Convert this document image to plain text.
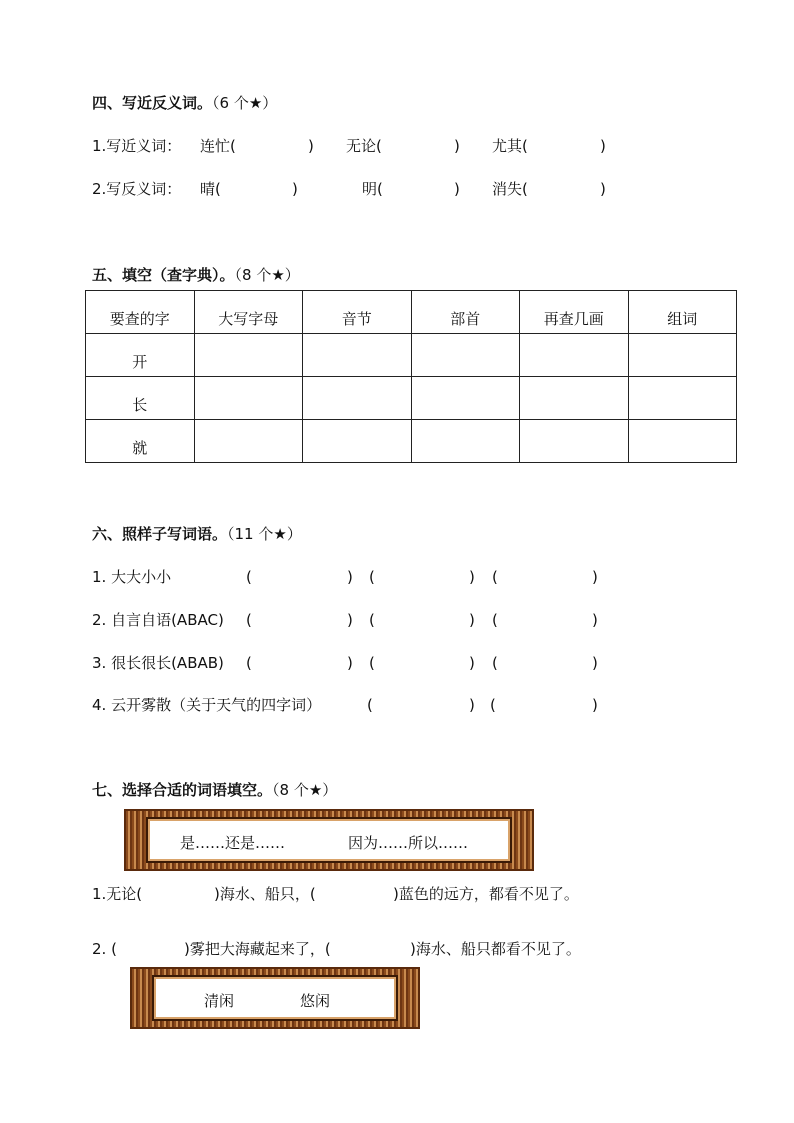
四、写近反义词。（6 个★）
1.写近义词： 连忙(	) 无论(	) 尤其(	)
2.写反义词： 晴(	)	明(	) 消失(	)
五、填空（查字典）。（8 个★）
要查的字	大写字母	音节	部首	再查几画	组词
开					
长					
就					
六、照样子写词语。（11 个★）
1. 大大小小	(	) (	) (	)
2. 自言自语(ABAC) (	) (	) (	)
3. 很长很长(ABAB) (	) (	) (	)
4. 云开雾散（关于天气的四字词）	(	) (	)
七、选择合适的词语填空。（8 个★）
是……还是……	因为……所以……
1.无论(	)海水、船只，(	)蓝色的远方，都看不见了。
2. (	)雾把大海藏起来了，(	)海水、船只都看不见了。
清闲	悠闲
